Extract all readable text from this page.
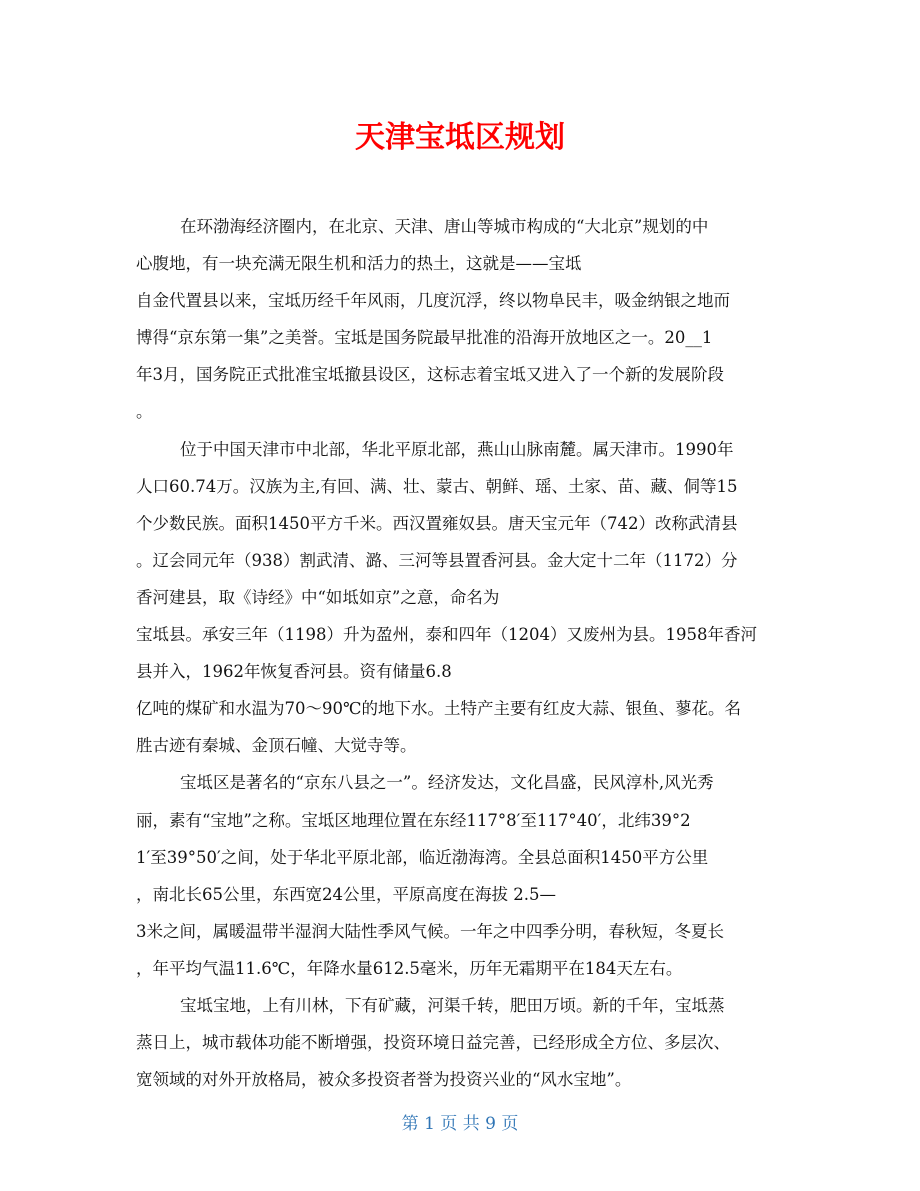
天津宝坻区规划
在环渤海经济圈内，在北京、天津、唐山等城市构成的“大北京”规划的中
心腹地，有一块充满无限生机和活力的热土，这就是——宝坻
自金代置县以来，宝坻历经千年风雨，几度沉浮，终以物阜民丰，吸金纳银之地而
博得“京东第一集”之美誉。宝坻是国务院最早批准的沿海开放地区之一。20__1
年3月，国务院正式批准宝坻撤县设区，这标志着宝坻又进入了一个新的发展阶段
。
位于中国天津市中北部，华北平原北部，燕山山脉南麓。属天津市。1990年
人口60.74万。汉族为主,有回、满、壮、蒙古、朝鲜、瑶、土家、苗、藏、侗等15
个少数民族。面积1450平方千米。西汉置雍奴县。唐天宝元年（742）改称武清县
。辽会同元年（938）割武清、潞、三河等县置香河县。金大定十二年（1172）分
香河建县，取《诗经》中“如坻如京”之意，命名为
宝坻县。承安三年（1198）升为盈州，泰和四年（1204）又废州为县。1958年香河
县并入，1962年恢复香河县。资有储量6.8
亿吨的煤矿和水温为70～90℃的地下水。土特产主要有红皮大蒜、银鱼、蓼花。名
胜古迹有秦城、金顶石幢、大觉寺等。
宝坻区是著名的“京东八县之一”。经济发达，文化昌盛，民风淳朴,风光秀
丽，素有“宝地”之称。宝坻区地理位置在东经117°8′至117°40′，北纬39°2
1′至39°50′之间，处于华北平原北部，临近渤海湾。全县总面积1450平方公里
，南北长65公里，东西宽24公里，平原高度在海拔 2.5—
3米之间，属暖温带半湿润大陆性季风气候。一年之中四季分明，春秋短，冬夏长
，年平均气温11.6℃，年降水量612.5毫米，历年无霜期平在184天左右。
宝坻宝地，上有川林，下有矿藏，河渠千转，肥田万顷。新的千年，宝坻蒸
蒸日上，城市载体功能不断增强，投资环境日益完善，已经形成全方位、多层次、
宽领域的对外开放格局，被众多投资者誉为投资兴业的“风水宝地”。
第 1 页 共 9 页
